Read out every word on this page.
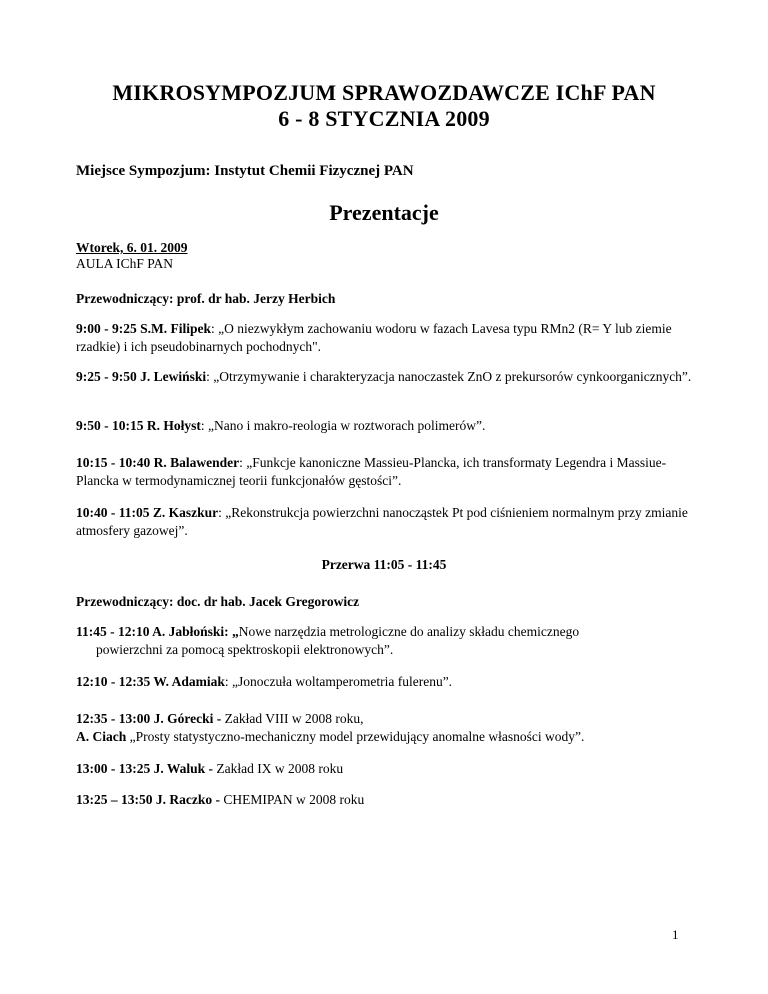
MIKROSYMPOZJUM SPRAWOZDAWCZE IChF PAN
6 - 8 STYCZNIA 2009
Miejsce Sympozjum: Instytut Chemii Fizycznej PAN
Prezentacje
Wtorek, 6. 01. 2009
AULA IChF PAN
Przewodniczący: prof. dr hab. Jerzy Herbich
9:00 - 9:25 S.M. Filipek: „O niezwykłym zachowaniu wodoru w fazach Lavesa typu RMn2 (R= Y lub ziemie rzadkie) i ich pseudobinarnych pochodnych".
9:25 - 9:50 J. Lewiński: „Otrzymywanie i charakteryzacja nanoczastek ZnO z prekursorów cynkoorganicznych”.
9:50 - 10:15 R. Hołyst: „Nano i makro-reologia w roztworach polimerów”.
10:15 - 10:40 R. Balawender: „Funkcje kanoniczne Massieu-Plancka, ich transformaty Legendra i Massiue-Plancka w termodynamicznej teorii funkcjonałów gęstości”.
10:40 - 11:05 Z. Kaszkur: „Rekonstrukcja powierzchni nanocząstek Pt pod ciśnieniem normalnym przy zmianie atmosfery gazowej”.
Przerwa 11:05 - 11:45
Przewodniczący: doc. dr hab. Jacek Gregorowicz
11:45 - 12:10 A. Jabłoński: „Nowe narzędzia metrologiczne do analizy składu chemicznego
powierzchni za pomocą spektroskopii elektronowych”.
12:10 - 12:35 W. Adamiak: „Jonoczuła woltamperometria fulerenu”.
12:35 - 13:00 J. Górecki - Zakład VIII w 2008 roku,
A. Ciach „Prosty statystyczno-mechaniczny model przewidujący anomalne własności wody”.
13:00 - 13:25 J. Waluk - Zakład IX w 2008 roku
13:25 – 13:50 J. Raczko - CHEMIPAN w 2008 roku
1
